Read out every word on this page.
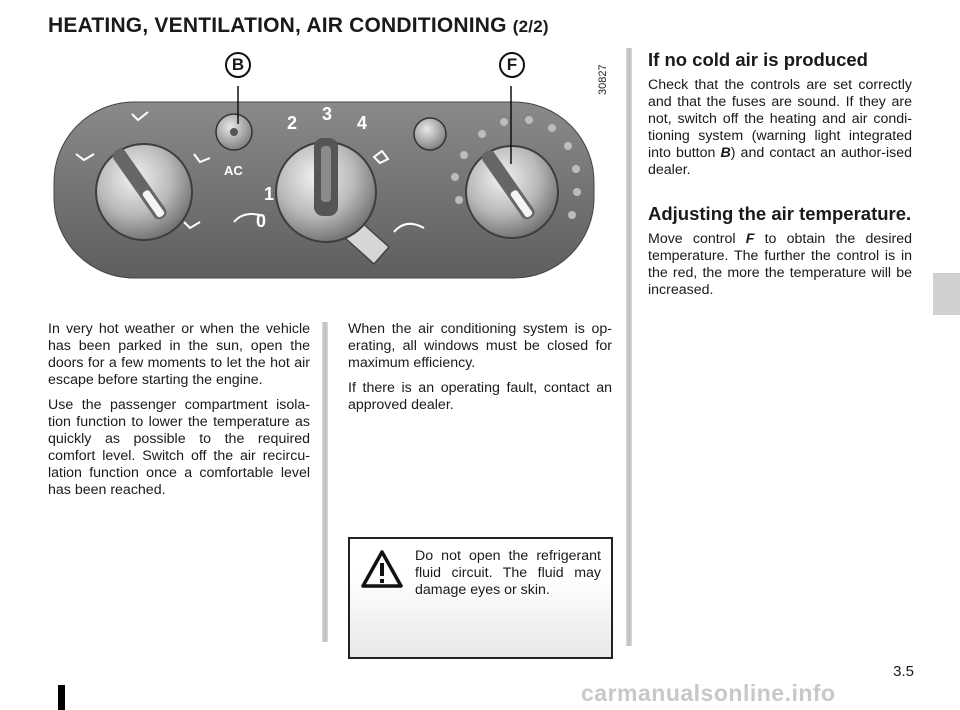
HEATING, VENTILATION, AIR CONDITIONING (2/2)
AC
0
1
2 3 4
B	F	30827

In very hot weather or when the vehicle has been parked in the sun, open the doors for a few moments to let the hot air escape before starting the engine.

Use the passenger compartment isola-tion function to lower the temperature as quickly as possible to the required comfort level. Switch off the air recircu-lation function once a comfortable level has been reached.

When the air conditioning system is op-erating, all windows must be closed for maximum efficiency.

If there is an operating fault, contact an approved dealer.

Do not open the refrigerant fluid circuit. The fluid may damage eyes or skin.

If no cold air is produced

Check that the controls are set correctly and that the fuses are sound. If they are not, switch off the heating and air condi-tioning system (warning light integrated into button B) and contact an author-ised dealer.

Adjusting the air temperature.

Move control F to obtain the desired temperature. The further the control is in the red, the more the temperature will be increased.

3.5
carmanualsonline.info
